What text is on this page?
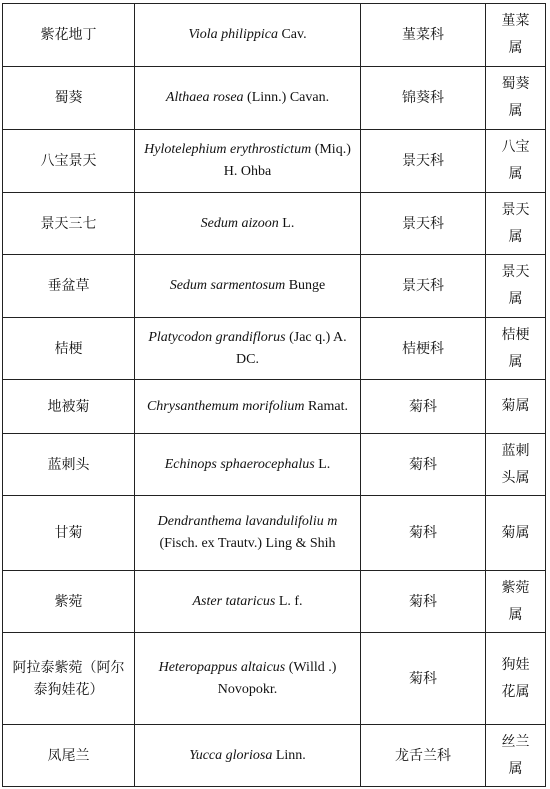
紫花地丁	Viola philippica Cav.	堇菜科	堇菜属
蜀葵	Althaea rosea (Linn.) Cavan.	锦葵科	蜀葵属
八宝景天	Hylotelephium erythrostictum (Miq.) H. Ohba	景天科	八宝属
景天三七	Sedum aizoon L.	景天科	景天属
垂盆草	Sedum sarmentosum Bunge	景天科	景天属
桔梗	Platycodon grandiflorus (Jac q.) A. DC.	桔梗科	桔梗属
地被菊	Chrysanthemum morifolium Ramat.	菊科	菊属
蓝刺头	Echinops sphaerocephalus L.	菊科	蓝刺头属
甘菊	Dendranthema lavandulifoliu m (Fisch. ex Trautv.) Ling & Shih	菊科	菊属
紫菀	Aster tataricus L. f.	菊科	紫菀属
阿拉泰紫菀（阿尔泰狗娃花）	Heteropappus altaicus (Willd .) Novopokr.	菊科	狗娃花属
凤尾兰	Yucca gloriosa Linn.	龙舌兰科	丝兰属
